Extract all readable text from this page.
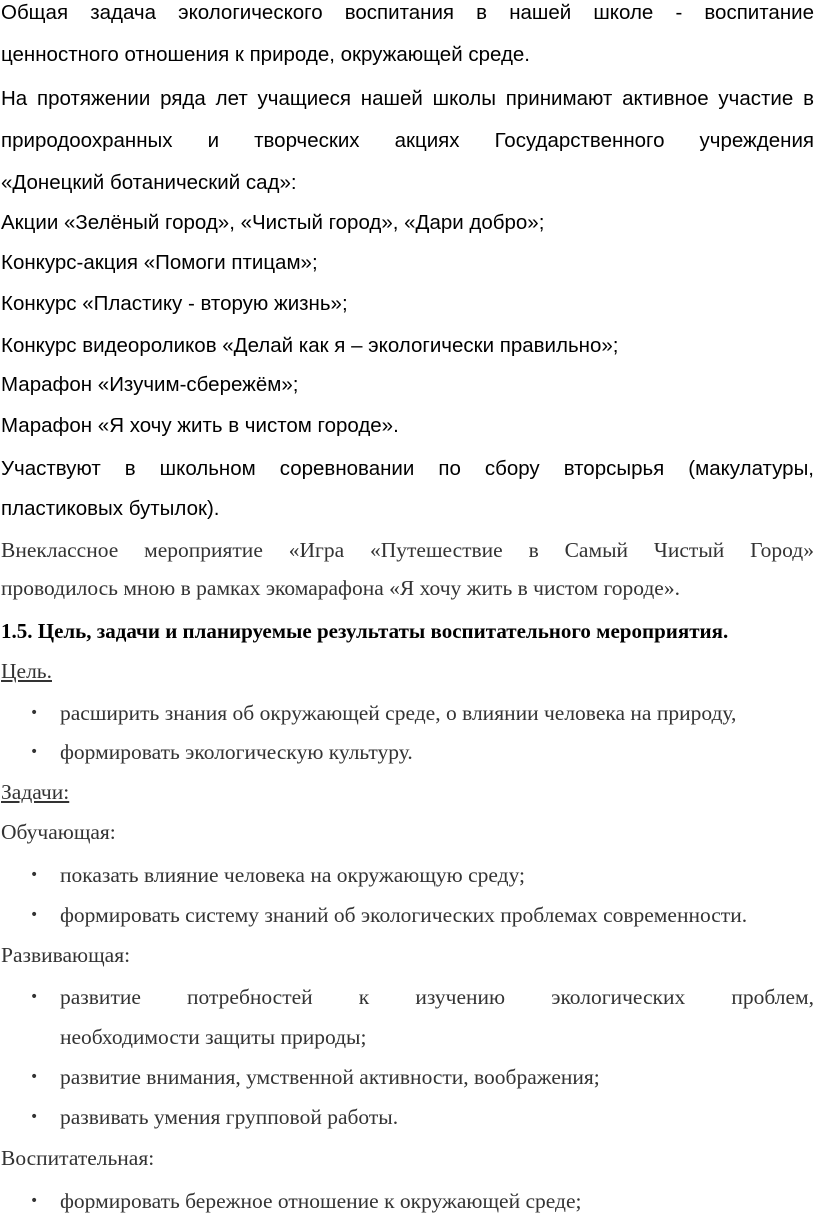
Общая задача экологического воспитания в нашей школе - воспитание

ценностного отношения к природе, окружающей среде.

На протяжении ряда лет учащиеся нашей школы принимают активное участие в

природоохранных и творческих акциях Государственного учреждения

«Донецкий ботанический сад»:

Акции «Зелёный город», «Чистый город», «Дари добро»;

Конкурс-акция «Помоги птицам»;

Конкурс «Пластику - вторую жизнь»;

Конкурс видеороликов «Делай как я – экологически правильно»;

Марафон «Изучим-сбережём»;

Марафон «Я хочу жить в чистом городе».

Участвуют в школьном соревновании по сбору вторсырья (макулатуры,

пластиковых бутылок).

Внеклассное мероприятие «Игра «Путешествие в Самый Чистый Город»

проводилось мною в рамках экомарафона «Я хочу жить в чистом городе».

1.5. Цель, задачи и планируемые результаты воспитательного мероприятия.

Цель.

• расширить знания об окружающей среде, о влиянии человека на природу,
• формировать экологическую культуру.

Задачи:

Обучающая:

• показать влияние человека на окружающую среду;
• формировать систему знаний об экологических проблемах современности.

Развивающая:

• развитие потребностей к изучению экологических проблем,
необходимости защиты природы;
• развитие внимания, умственной активности, воображения;
• развивать умения групповой работы.

Воспитательная:

• формировать бережное отношение к окружающей среде;
